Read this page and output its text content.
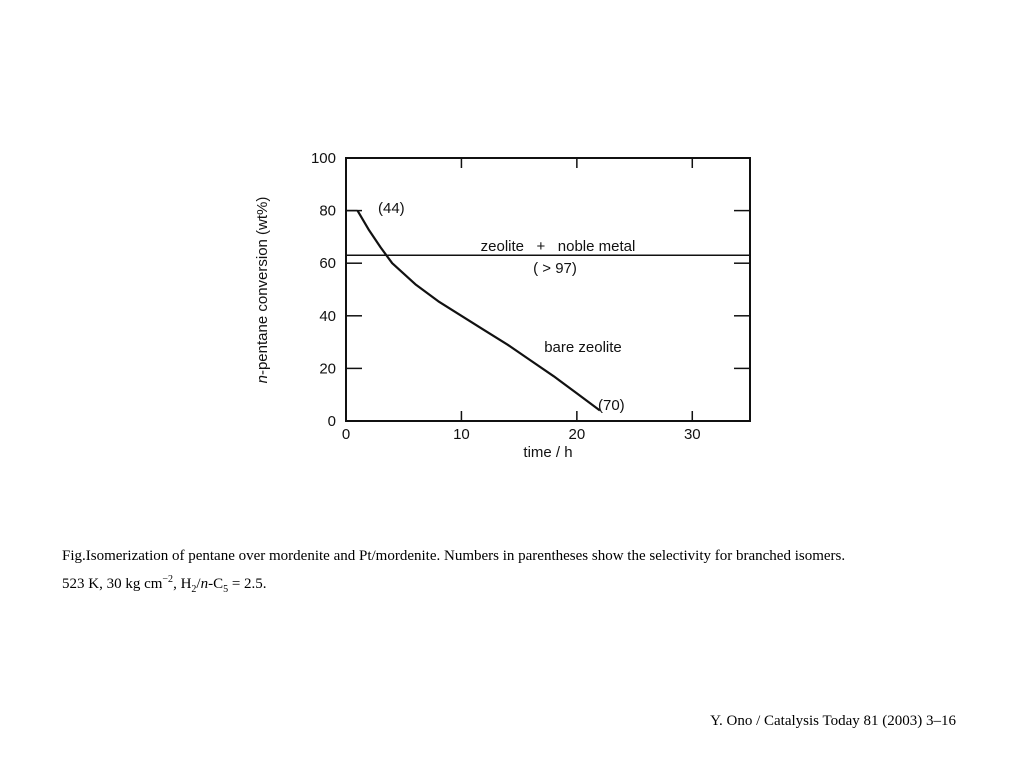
0
20
40
60
80
100
0	10	20	30
n-pentane conversion (wt%)
time / h
zeolite   +   noble metal
( > 97)
bare zeolite
(44)
(70)
Fig.Isomerization of pentane over mordenite and Pt/mordenite. Numbers in parentheses show the selectivity for branched isomers.
523 K, 30 kg $cm^{-2}$, $H_2/n-C_5 = 2.5$.
Y. Ono / Catalysis Today 81 (2003) 3–16
